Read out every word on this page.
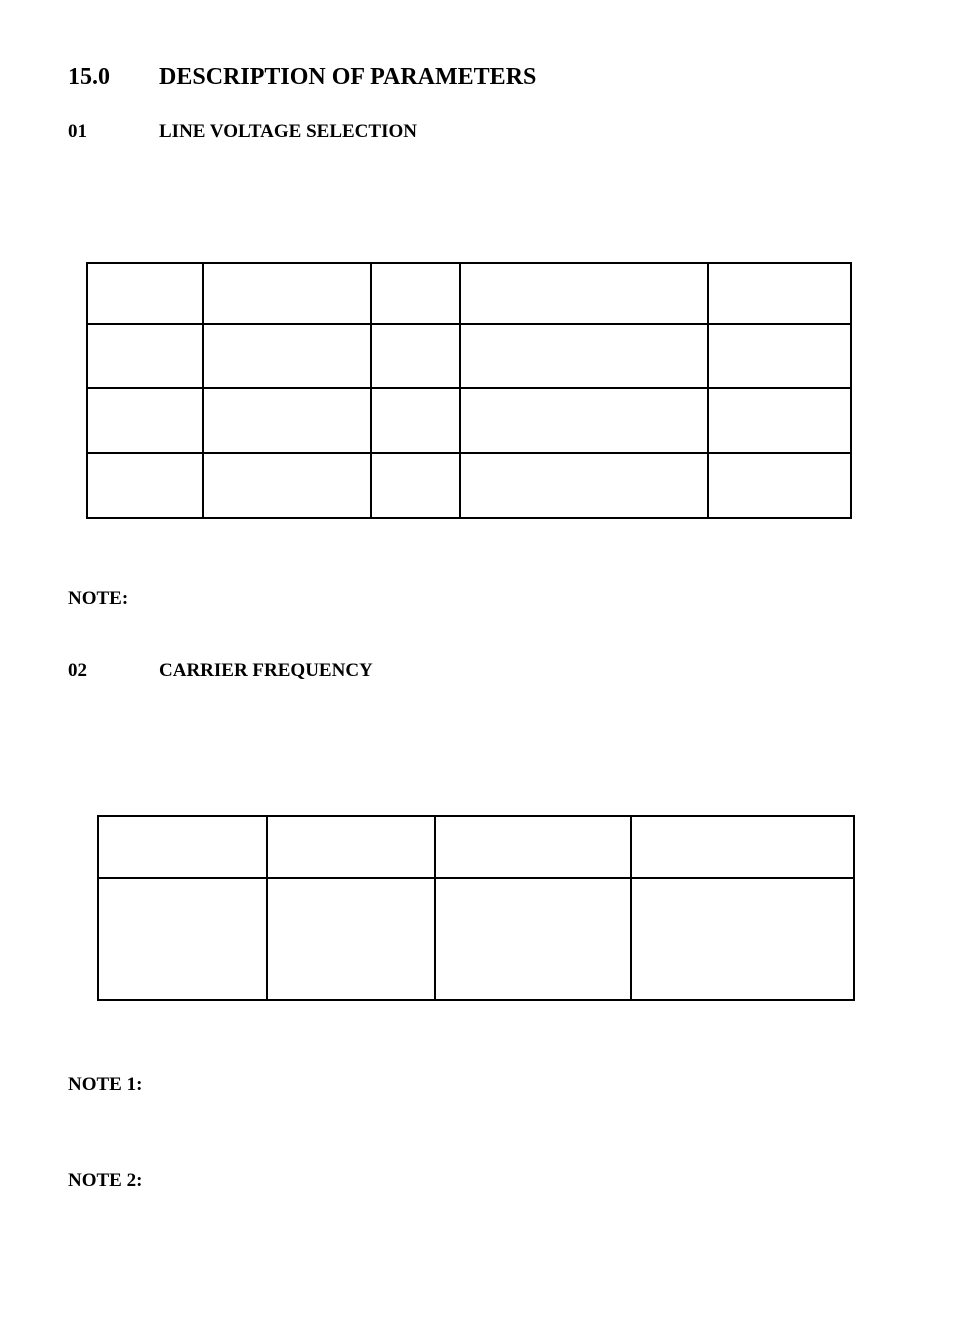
15.0 DESCRIPTION OF PARAMETERS
01	LINE VOLTAGE SELECTION

NOTE:
02	CARRIER FREQUENCY

NOTE 1:
NOTE 2:
